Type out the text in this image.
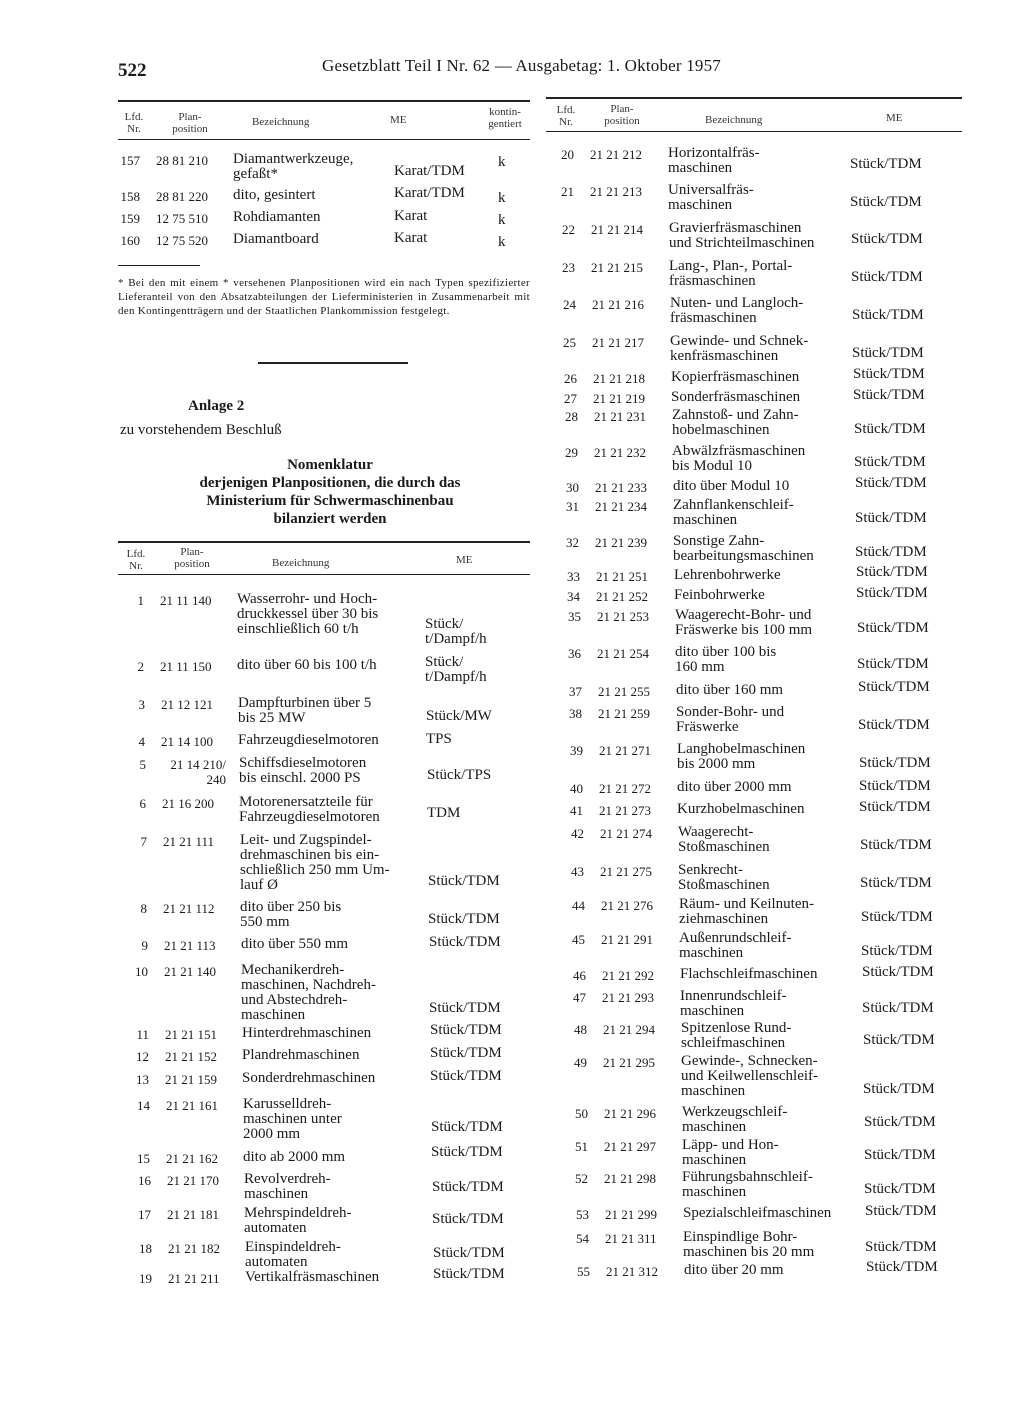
522	Gesetzblatt Teil I Nr. 62 — Ausgabetag: 1. Oktober 1957
Lfd.
Nr.
Plan-
position
Bezeichnung	ME
kontin-
gentiert
157 28 81 210 Diamantwerkzeuge,
gefaßt*	Karat/TDM
k
158 28 81 220 dito, gesintert	Karat/TDM k
159 12 75 510 Rohdiamanten	Karat	k
160 12 75 520 Diamantboard	Karat	k
* Bei den mit einem * versehenen Planpositionen wird ein nach Typen spezifizierter Lieferanteil von den Absatzabteilungen der Lieferministerien in Zusammenarbeit mit den Kontingentträgern und der Staatlichen Plankommission festgelegt.
Anlage 2
zu vorstehendem Beschluß
Nomenklatur
derjenigen Planpositionen, die durch das
Ministerium für Schwermaschinenbau
bilanziert werden
Lfd.
Nr.
Plan-
position	Bezeichnung	ME
1 21 11 140 Wasserrohr- und Hoch-
druckkessel über 30 bis
einschließlich 60 t/h	Stück/
t/Dampf/h
2 21 11 150 dito über 60 bis 100 t/h	Stück/
t/Dampf/h
3 21 12 121 Dampfturbinen über 5
bis 25 MW	Stück/MW
4 21 14 100 Fahrzeugdieselmotoren	TPS
5	21 14 210/
240
Schiffsdieselmotoren
bis einschl. 2000 PS	Stück/TPS
6 21 16 200 Motorenersatzteile für
Fahrzeugdieselmotoren	TDM
7 21 21 111 Leit- und Zugspindel-
drehmaschinen bis ein-
schließlich 250 mm Um-
lauf Ø	Stück/TDM
8 21 21 112 dito über 250 bis
550 mm	Stück/TDM
9 21 21 113 dito über 550 mm	Stück/TDM
10 21 21 140 Mechanikerdreh-
maschinen, Nachdreh-
und Abstechdreh-
maschinen	Stück/TDM
11 21 21 151 Hinterdrehmaschinen	Stück/TDM
12 21 21 152 Plandrehmaschinen	Stück/TDM
13 21 21 159 Sonderdrehmaschinen	Stück/TDM
14 21 21 161 Karusselldreh-
maschinen unter
2000 mm	Stück/TDM
15 21 21 162 dito ab 2000 mm	Stück/TDM
16 21 21 170 Revolverdreh-
maschinen	Stück/TDM
17 21 21 181 Mehrspindeldreh-
automaten
Stück/TDM
18 21 21 182 Einspindeldreh-
automaten
Stück/TDM
19 21 21 211 Vertikalfräsmaschinen	Stück/TDM
Lfd.
Nr.
Plan-
position	Bezeichnung	ME
20 21 21 212 Horizontalfräs-
maschinen	Stück/TDM
21 21 21 213 Universalfräs-
maschinen	Stück/TDM
22 21 21 214 Gravierfräsmaschinen
und Strichteilmaschinen Stück/TDM
23 21 21 215 Lang-, Plan-, Portal-
fräsmaschinen	Stück/TDM
24 21 21 216 Nuten- und Langloch-
fräsmaschinen	Stück/TDM
25 21 21 217 Gewinde- und Schnek-
kenfräsmaschinen	Stück/TDM
26 21 21 218 Kopierfräsmaschinen	Stück/TDM
27 21 21 219 Sonderfräsmaschinen	Stück/TDM
28 21 21 231 Zahnstoß- und Zahn-
hobelmaschinen	Stück/TDM
29 21 21 232 Abwälzfräsmaschinen
bis Modul 10	Stück/TDM
30 21 21 233 dito über Modul 10	Stück/TDM
31 21 21 234 Zahnflankenschleif-
maschinen	Stück/TDM
32 21 21 239 Sonstige Zahn-
bearbeitungsmaschinen	Stück/TDM
33 21 21 251 Lehrenbohrwerke	Stück/TDM
34 21 21 252 Feinbohrwerke	Stück/TDM
35 21 21 253 Waagerecht-Bohr- und
Fräswerke bis 100 mm	Stück/TDM
36 21 21 254 dito über 100 bis
160 mm	Stück/TDM
37 21 21 255 dito über 160 mm	Stück/TDM
38 21 21 259 Sonder-Bohr- und
Fräswerke	Stück/TDM
39 21 21 271 Langhobelmaschinen
bis 2000 mm	Stück/TDM
40 21 21 272 dito über 2000 mm	Stück/TDM
41 21 21 273 Kurzhobelmaschinen	Stück/TDM
42 21 21 274 Waagerecht-
Stoßmaschinen	Stück/TDM
43 21 21 275 Senkrecht-
Stoßmaschinen	Stück/TDM
44 21 21 276 Räum- und Keilnuten-
ziehmaschinen	Stück/TDM
45 21 21 291 Außenrundschleif-
maschinen	Stück/TDM
46 21 21 292 Flachschleifmaschinen	Stück/TDM
47 21 21 293 Innenrundschleif-
maschinen	Stück/TDM
48 21 21 294 Spitzenlose Rund-
schleifmaschinen	Stück/TDM
49 21 21 295 Gewinde-, Schnecken-
und Keilwellenschleif-
maschinen	Stück/TDM
50 21 21 296 Werkzeugschleif-
maschinen	Stück/TDM
51 21 21 297 Läpp- und Hon-
maschinen	Stück/TDM
52 21 21 298 Führungsbahnschleif-
maschinen	Stück/TDM
53 21 21 299 Spezialschleifmaschinen Stück/TDM
54 21 21 311 Einspindlige Bohr-
maschinen bis 20 mm	Stück/TDM
55 21 21 312 dito über 20 mm	Stück/TDM
